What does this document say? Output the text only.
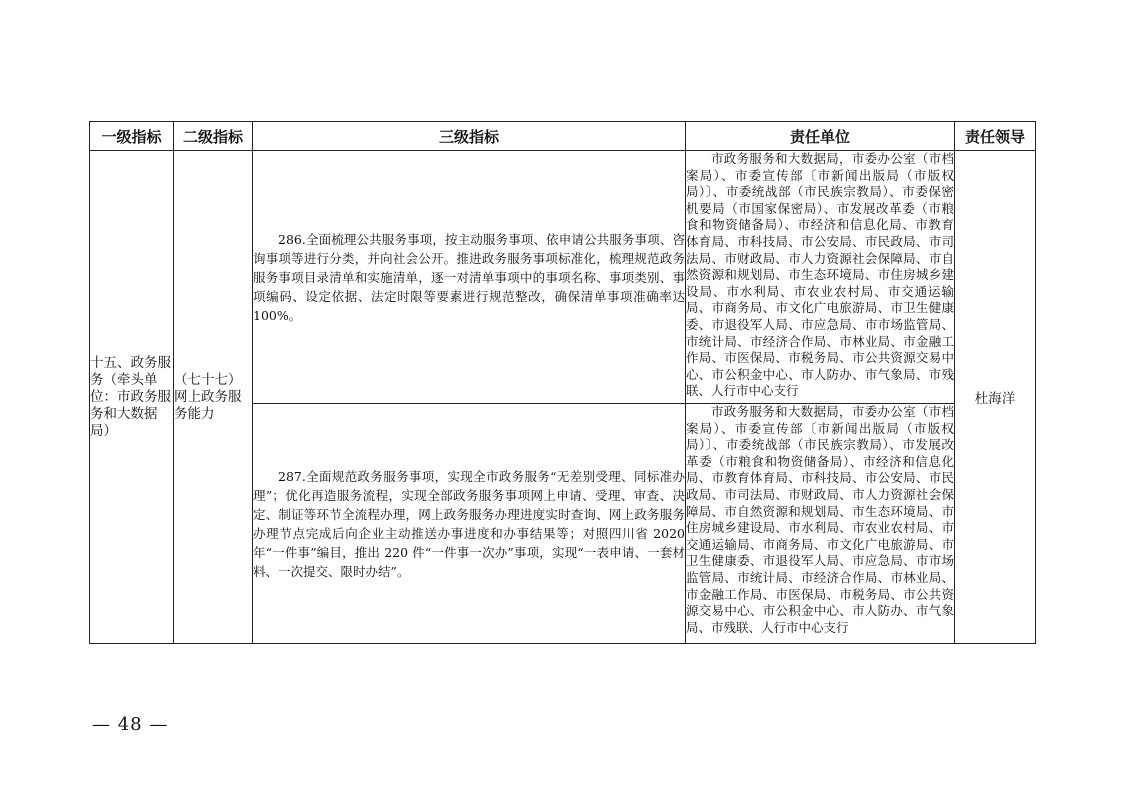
一级指标	二级指标	三级指标	责任单位	责任领导
十五、政务服务（牵头单位：市政务服务和大数据局）	（七十七）网上政务服务能力	286.全面梳理公共服务事项，按主动服务事项、依申请公共服务事项、咨询事项等进行分类，并向社会公开。推进政务服务事项标准化，梳理规范政务服务事项目录清单和实施清单，逐一对清单事项中的事项名称、事项类别、事项编码、设定依据、法定时限等要素进行规范整改，确保清单事项准确率达 100%。	市政务服务和大数据局，市委办公室（市档案局）、市委宣传部〔市新闻出版局（市版权局）〕、市委统战部（市民族宗教局）、市委保密机要局（市国家保密局）、市发展改革委（市粮食和物资储备局）、市经济和信息化局、市教育体育局、市科技局、市公安局、市民政局、市司法局、市财政局、市人力资源社会保障局、市自然资源和规划局、市生态环境局、市住房城乡建设局、市水利局、市农业农村局、市交通运输局、市商务局、市文化广电旅游局、市卫生健康委、市退役军人局、市应急局、市市场监管局、市统计局、市经济合作局、市林业局、市金融工作局、市医保局、市税务局、市公共资源交易中心、市公积金中心、市人防办、市气象局、市残联、人行市中心支行	杜海洋
		287.全面规范政务服务事项，实现全市政务服务“无差别受理、同标准办理”；优化再造服务流程，实现全部政务服务事项网上申请、受理、审查、决定、制证等环节全流程办理，网上政务服务办理进度实时查询、网上政务服务办理节点完成后向企业主动推送办事进度和办事结果等；对照四川省 2020 年“一件事”编目，推出 220 件“一件事一次办”事项，实现“一表申请、一套材料、一次提交、限时办结”。	市政务服务和大数据局，市委办公室（市档案局）、市委宣传部〔市新闻出版局（市版权局）〕、市委统战部（市民族宗教局）、市发展改革委（市粮食和物资储备局）、市经济和信息化局、市教育体育局、市科技局、市公安局、市民政局、市司法局、市财政局、市人力资源社会保障局、市自然资源和规划局、市生态环境局、市住房城乡建设局、市水利局、市农业农村局、市交通运输局、市商务局、市文化广电旅游局、市卫生健康委、市退役军人局、市应急局、市市场监管局、市统计局、市经济合作局、市林业局、市金融工作局、市医保局、市税务局、市公共资源交易中心、市公积金中心、市人防办、市气象局、市残联、人行市中心支行	
— 48 —
